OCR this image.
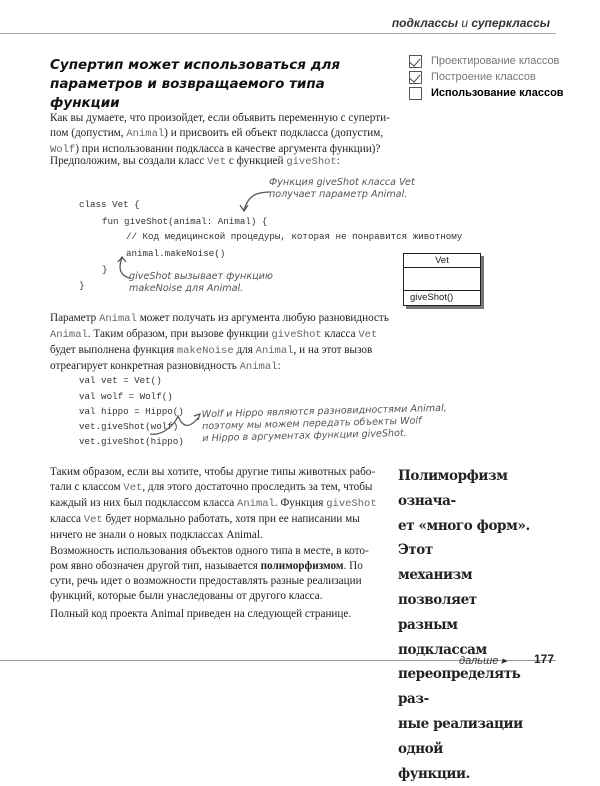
подклассы и суперклассы
Супертип может использоваться для
параметров и возвращаемого типа функции
Проектирование классов
Построение классов
Использование классов
Как вы думаете, что произойдет, если объявить переменную с суперти-
пом (допустим, Animal) и присвоить ей объект подкласса (допустим,
Wolf) при использовании подкласса в качестве аргумента функции)?
Предположим, вы создали класс Vet с функцией giveShot:
class Vet {
fun giveShot(animal: Animal) {
// Код медицинской процедуры, которая не понравится животному
animal.makeNoise()
}
}
Функция giveShot класса Vet
получает параметр Animal.
giveShot вызывает функцию
makeNoise для Animal.
Vet
giveShot()
Параметр Animal может получать из аргумента любую разновидность
Animal. Таким образом, при вызове функции giveShot класса Vet
будет выполнена функция makeNoise для Animal, и на этот вызов
отреагирует конкретная разновидность Animal:
val vet = Vet()
val wolf = Wolf()
val hippo = Hippo()
vet.giveShot(wolf)
vet.giveShot(hippo)
Wolf и Hippo являются разновидностями Animal,
поэтому мы можем передать объекты Wolf
и Hippo в аргументах функции giveShot.
Таким образом, если вы хотите, чтобы другие типы животных рабо-
тали с классом Vet, для этого достаточно проследить за тем, чтобы
каждый из них был подклассом класса Animal. Функция giveShot
класса Vet будет нормально работать, хотя при ее написании мы
ничего не знали о новых подклассах Animal.
Возможность использования объектов одного типа в месте, в кото-
ром явно обозначен другой тип, называется полиморфизмом. По
сути, речь идет о возможности предоставлять разные реализации
функций, которые были унаследованы от другого класса.
Полный код проекта Animal приведен на следующей странице.
Полиморфизм означа-
ет «много форм». Этот
механизм позволяет
разным подклассам
переопределять раз-
ные реализации одной
функции.
дальше ▸ 177
